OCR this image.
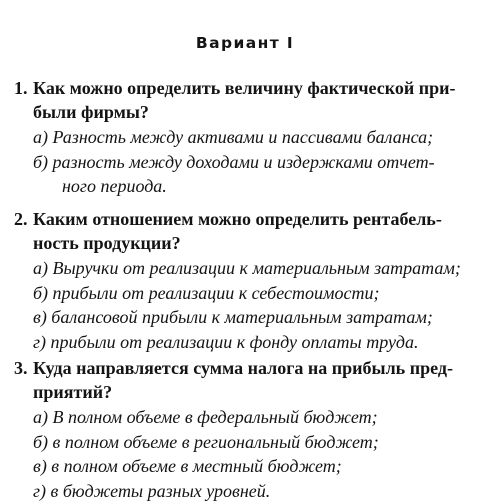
Вариант I
1. Как можно определить величину фактической при-
были фирмы?
а) Разность между активами и пассивами баланса;
б) разность между доходами и издержками отчет-
ного периода.
2. Каким отношением можно определить рентабель-
ность продукции?
а) Выручки от реализации к материальным затратам;
б) прибыли от реализации к себестоимости;
в) балансовой прибыли к материальным затратам;
г) прибыли от реализации к фонду оплаты труда.
3. Куда направляется сумма налога на прибыль пред-
приятий?
а) В полном объеме в федеральный бюджет;
б) в полном объеме в региональный бюджет;
в) в полном объеме в местный бюджет;
г) в бюджеты разных уровней.
